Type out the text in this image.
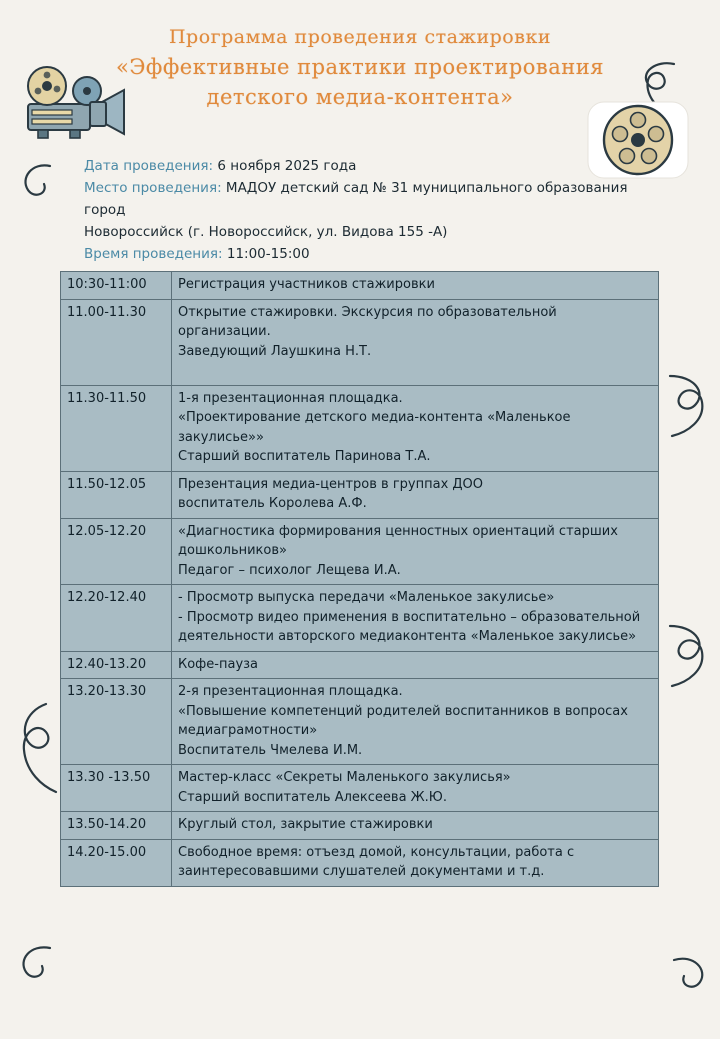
Программа проведения стажировки
«Эффективные практики проектирования
детского медиа-контента»
Дата проведения: 6 ноября 2025 года
Место проведения: МАДОУ детский сад № 31 муниципального образования город
Новороссийск (г. Новороссийск, ул. Видова 155 -А)
Время проведения: 11:00-15:00
10:30-11:00	Регистрация участников стажировки

11.00-11.30	Открытие стажировки. Экскурсия по образовательной организации.
Заведующий Лаушкина Н.Т.

11.30-11.50	1-я презентационная площадка.
«Проектирование детского медиа-контента «Маленькое
закулисье»»
Старший воспитатель Паринова Т.А.

11.50-12.05	Презентация медиа-центров в группах ДОО
воспитатель Королева А.Ф.

12.05-12.20	«Диагностика формирования ценностных ориентаций старших
дошкольников»
Педагог – психолог Лещева И.А.

12.20-12.40	- Просмотр выпуска передачи «Маленькое закулисье»
- Просмотр видео применения в воспитательно – образовательной
деятельности авторского медиаконтента «Маленькое закулисье»

12.40-13.20	Кофе-пауза

13.20-13.30	2-я презентационная площадка.
«Повышение компетенций родителей воспитанников в вопросах
медиаграмотности»
Воспитатель Чмелева И.М.

13.30 -13.50	Мастер-класс «Секреты Маленького закулисья»
Старший воспитатель Алексеева Ж.Ю.

13.50-14.20	Круглый стол, закрытие стажировки

14.20-15.00	Свободное время: отъезд домой, консультации, работа с
заинтересовавшими слушателей документами и т.д.
